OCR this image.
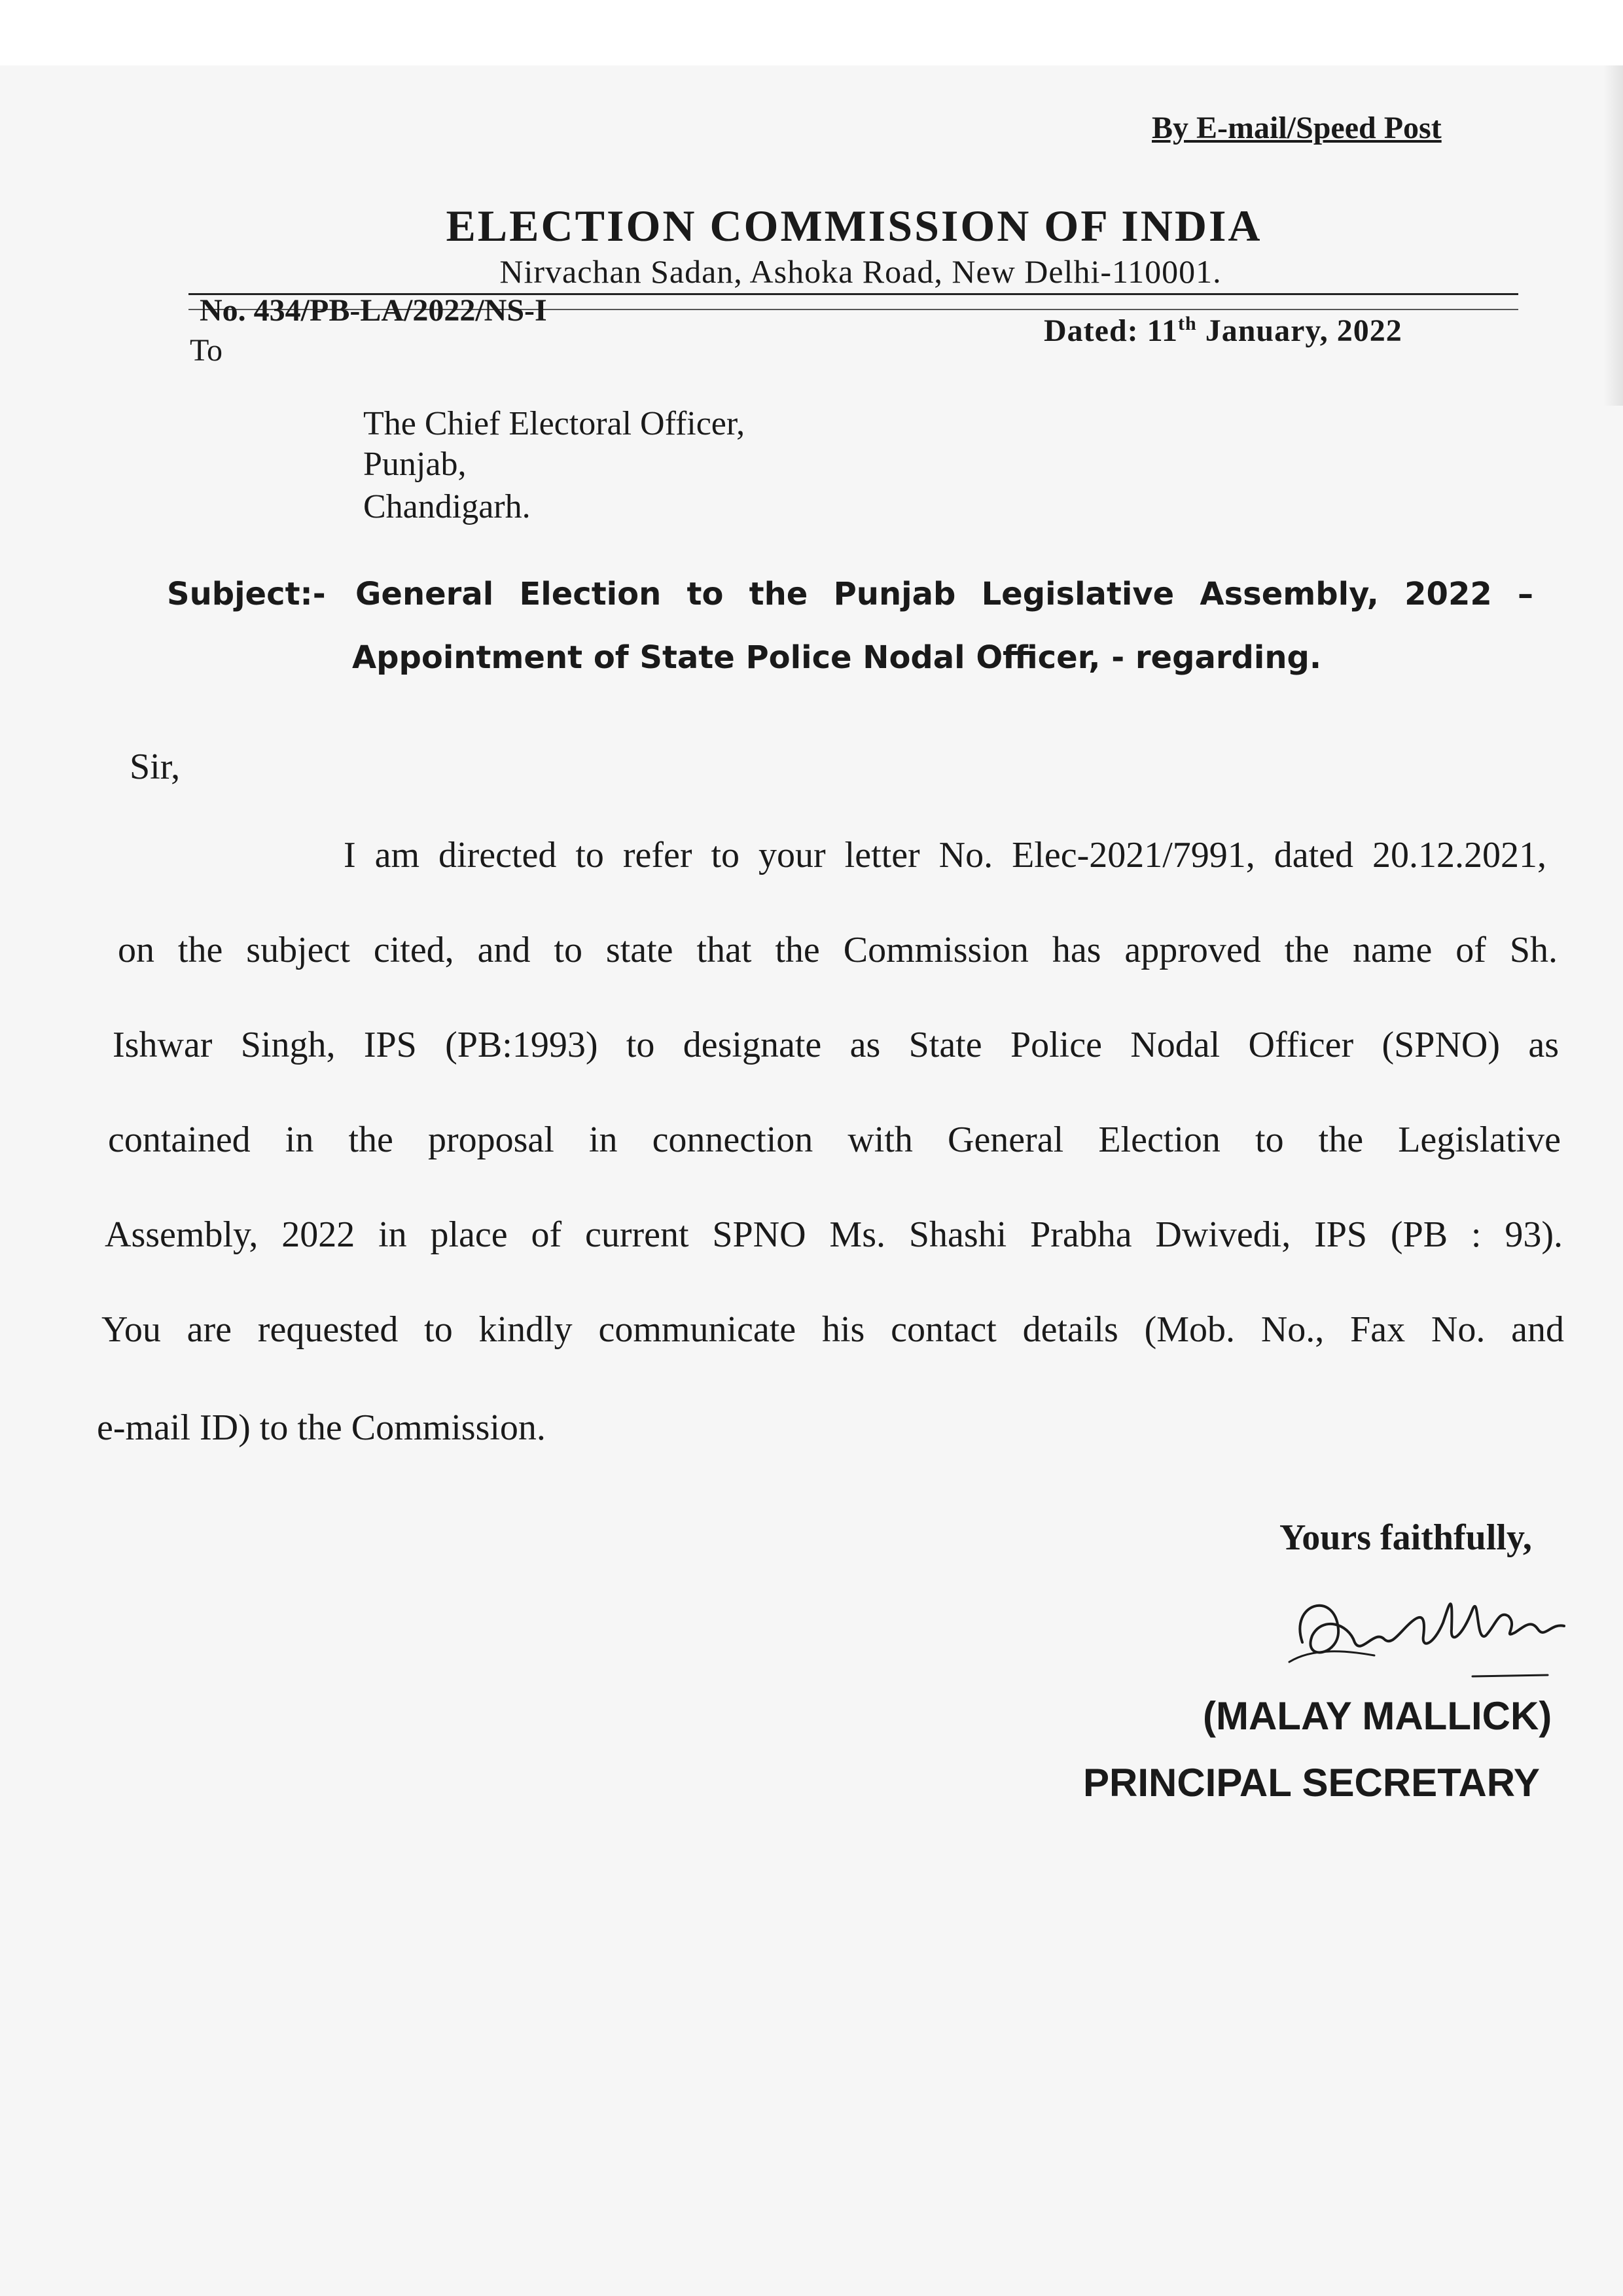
By E-mail/Speed Post
ELECTION COMMISSION OF INDIA
Nirvachan Sadan, Ashoka Road, New Delhi-110001.
No. 434/PB-LA/2022/NS-I
Dated: 11th January, 2022
To
The Chief Electoral Officer,
Punjab,
Chandigarh.
Subject:- General Election to the Punjab Legislative Assembly, 2022 –
Appointment of State Police Nodal Officer, - regarding.
Sir,
I am directed to refer to your letter No. Elec-2021/7991, dated 20.12.2021,
on the subject cited, and to state that the Commission has approved the name of Sh.
Ishwar Singh, IPS (PB:1993) to designate as State Police Nodal Officer (SPNO) as
contained in the proposal in connection with General Election to the Legislative
Assembly, 2022 in place of current SPNO Ms. Shashi Prabha Dwivedi, IPS (PB : 93).
You are requested to kindly communicate his contact details (Mob. No., Fax No. and
e-mail ID) to the Commission.
Yours faithfully,
(MALAY MALLICK)
PRINCIPAL SECRETARY
